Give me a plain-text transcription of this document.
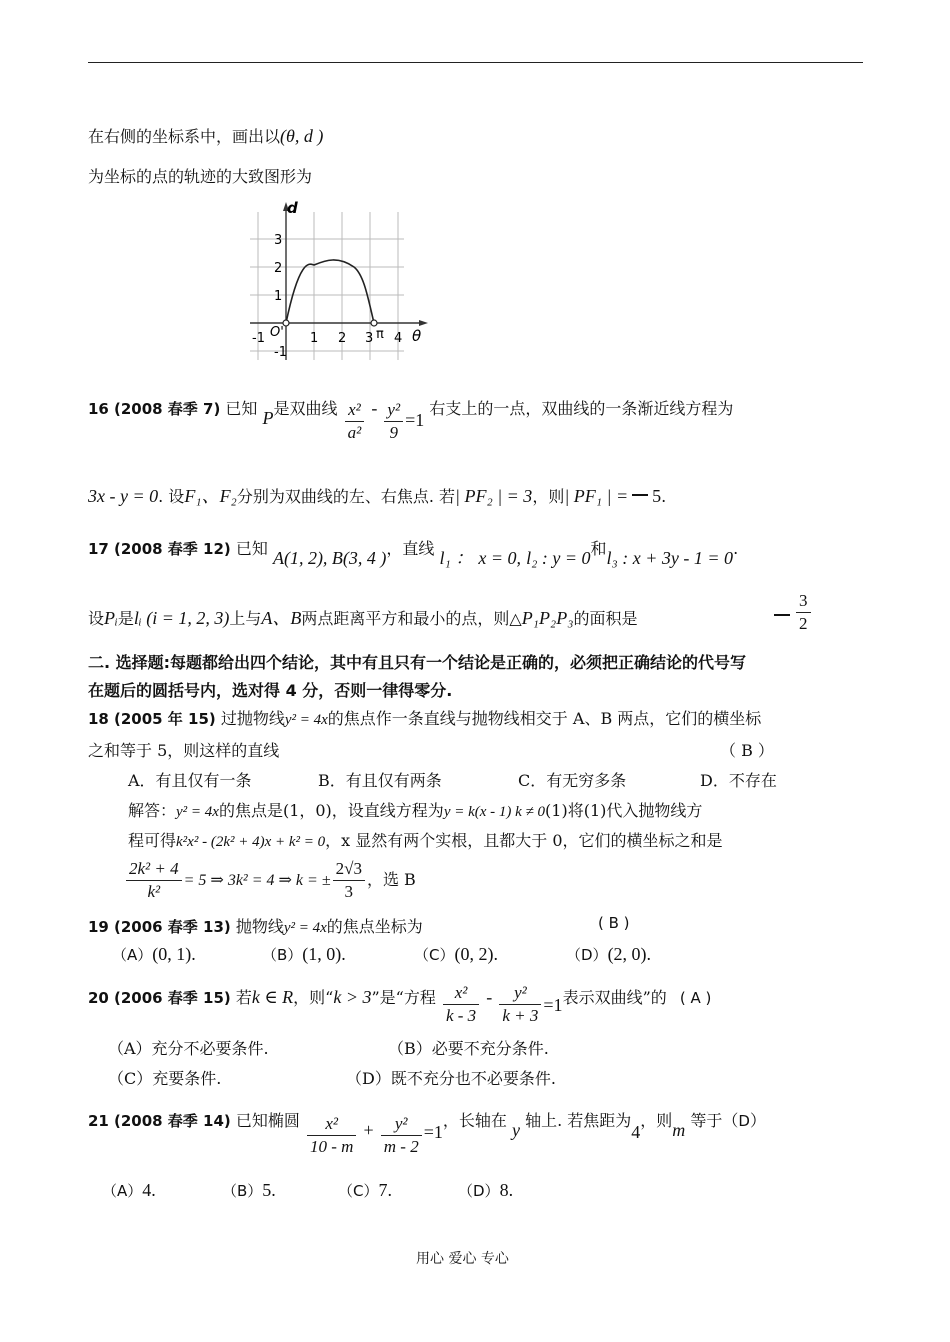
在右侧的坐标系中，画出以(θ, d )
为坐标的点的轨迹的大致图形为
d
θ
3
2
1
-1
-1 O' 1 2 3 π 4
16 (2008 春季 7) 已知 P是双曲线 $\frac{\text{x²}}{\text{a²}} - \frac{\text{y²}}{9} =1$ 右支上的一点，双曲线的一条渐近线方程为
3x - y = 0. 设F₁、F₂分别为双曲线的左、右焦点. 若| PF₂ | = 3，则| PF₁ | = 5.
17 (2008 春季 12) 已知 A(1, 2), B(3, 4 )，直线 l₁ ： x = 0, l₂ : y = 0和l₃ : x + 3y - 1 = 0.
设Pᵢ是lᵢ (i = 1, 2, 3)上与A、B两点距离平方和最小的点，则△P₁P₂P₃的面积是	$\frac{3}{2}$
二. 选择题:每题都给出四个结论，其中有且只有一个结论是正确的，必须把正确结论的代号写
在题后的圆括号内，选对得 4 分，否则一律得零分.
18 (2005 年 15) 过抛物线y² = 4x的焦点作一条直线与抛物线相交于 A、B 两点，它们的横坐标
之和等于 5，则这样的直线	（ B ）
A．有且仅有一条	B．有且仅有两条	C．有无穷多条	D．不存在
解答：y² = 4x的焦点是(1，0)，设直线方程为y = k(x - 1) k ≠ 0(1)将(1)代入抛物线方
程可得k²x² - (2k² + 4)x + k² = 0，x 显然有两个实根，且都大于 0，它们的横坐标之和是
$\frac{\text{2k² + 4}}{\text{k²}} = 5$ ⇒ 3k² = 4 ⇒ k = ± $\frac{2√3}{3}$ ，选 B
19 (2006 春季 13) 抛物线y² = 4x的焦点坐标为	( B )
（A）(0, 1).	（B）(1, 0).	（C）(0, 2).	（D）(2, 0).
20 (2006 春季 15) 若k ∈ R，则“k > 3”是“方程 $\frac{\text{x²}}{k - 3} - \frac{\text{y²}}{k + 3} =1$表示双曲线”的 ( A )
（A）充分不必要条件.	（B）必要不充分条件.
（C）充要条件.	（D）既不充分也不必要条件.
21 (2008 春季 14) 已知椭圆 $\frac{\text{x²}}{10 - m} + \frac{\text{y²}}{m - 2} =1$，长轴在 y 轴上. 若焦距为4，则m 等于（D）
（A）4.	（B）5.	（C）7.	（D）8.
用心 爱心 专心
